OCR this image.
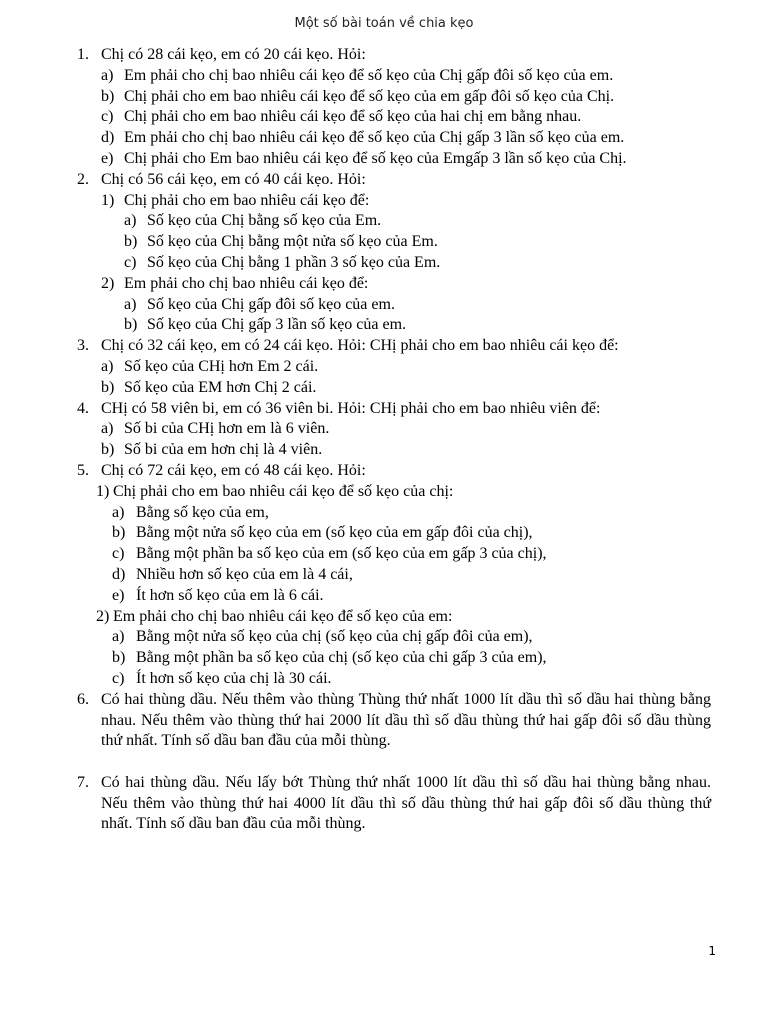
Một số bài toán về chia kẹo
1. Chị có 28 cái kẹo, em có 20 cái kẹo. Hỏi:
a) Em phải cho chị bao nhiêu cái kẹo để số kẹo của Chị gấp đôi số kẹo của em.
b) Chị phải cho em bao nhiêu cái kẹo để số kẹo của em gấp đôi số kẹo của Chị.
c) Chị phải cho em bao nhiêu cái kẹo để số kẹo của hai chị em bằng nhau.
d) Em phải cho chị bao nhiêu cái kẹo để số kẹo của Chị gấp 3 lần số kẹo của em.
e) Chị phải cho Em bao nhiêu cái kẹo để số kẹo của Emgấp 3 lần số kẹo của Chị.
2. Chị có 56 cái kẹo, em có 40 cái kẹo. Hỏi:
1) Chị phải cho em bao nhiêu cái kẹo để:
a) Số kẹo của Chị bằng số kẹo của Em.
b) Số kẹo của Chị bằng một nửa số kẹo của Em.
c) Số kẹo của Chị bằng 1 phần 3 số kẹo của Em.
2) Em phải cho chị bao nhiêu cái kẹo để:
a) Số kẹo của Chị gấp đôi số kẹo của em.
b) Số kẹo của Chị gấp 3 lần số kẹo của em.
3. Chị có 32 cái kẹo, em có 24 cái kẹo. Hỏi: CHị phải cho em bao nhiêu cái kẹo để:
a) Số kẹo của CHị hơn Em 2 cái.
b) Số kẹo của EM hơn Chị 2 cái.
4. CHị có 58 viên bi, em có 36 viên bi. Hỏi: CHị phải cho em bao nhiêu viên để:
a) Số bi của CHị hơn em là 6 viên.
b) Số bi của em hơn chị là 4 viên.
5. Chị có 72 cái kẹo, em có 48 cái kẹo. Hỏi:
1) Chị phải cho em bao nhiêu cái kẹo để số kẹo của chị:
a) Bằng số kẹo của em,
b) Bằng một nửa số kẹo của em (số kẹo của em gấp đôi của chị),
c) Bằng một phần ba số kẹo của em (số kẹo của em gấp 3 của chị),
d) Nhiều hơn số kẹo của em là 4 cái,
e) Ít hơn số kẹo của em là 6 cái.
2) Em phải cho chị bao nhiêu cái kẹo để số kẹo của em:
a) Bằng một nửa số kẹo của chị (số kẹo của chị gấp đôi của em),
b) Bằng một phần ba số kẹo của chị (số kẹo của chi gấp 3 của em),
c) Ít hơn số kẹo của chị là 30 cái.
6. Có hai thùng dầu. Nếu thêm vào thùng Thùng thứ nhất 1000 lít dầu thì số dầu hai thùng bằng nhau. Nếu thêm vào thùng thứ hai 2000 lít dầu thì số dầu thùng thứ hai gấp đôi số dầu thùng thứ nhất. Tính số dầu ban đầu của mỗi thùng.
7. Có hai thùng dầu. Nếu lấy bớt Thùng thứ nhất 1000 lít dầu thì số dầu hai thùng bằng nhau. Nếu thêm vào thùng thứ hai 4000 lít dầu thì số dầu thùng thứ hai gấp đôi số dầu thùng thứ nhất. Tính số dầu ban đầu của mỗi thùng.
1
